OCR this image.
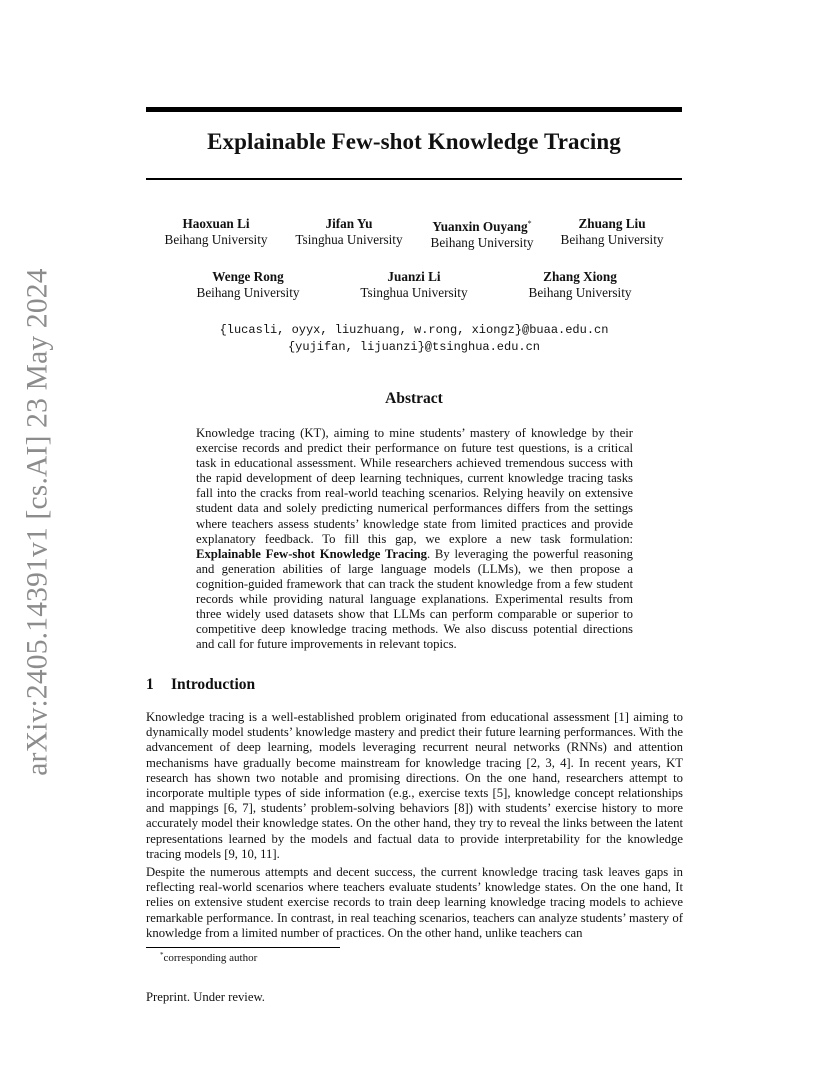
arXiv:2405.14391v1 [cs.AI] 23 May 2024
Explainable Few-shot Knowledge Tracing
Haoxuan Li
Beihang University
Jifan Yu
Tsinghua University
Yuanxin Ouyang*
Beihang University
Zhuang Liu
Beihang University
Wenge Rong
Beihang University
Juanzi Li
Tsinghua University
Zhang Xiong
Beihang University
{lucasli, oyyx, liuzhuang, w.rong, xiongz}@buaa.edu.cn
{yujifan, lijuanzi}@tsinghua.edu.cn
Abstract
Knowledge tracing (KT), aiming to mine students’ mastery of knowledge by their exercise records and predict their performance on future test questions, is a critical task in educational assessment. While researchers achieved tremendous success with the rapid development of deep learning techniques, current knowledge tracing tasks fall into the cracks from real-world teaching scenarios. Relying heavily on extensive student data and solely predicting numerical performances differs from the settings where teachers assess students’ knowledge state from limited practices and provide explanatory feedback. To fill this gap, we explore a new task formulation: Explainable Few-shot Knowledge Tracing. By leveraging the powerful reasoning and generation abilities of large language models (LLMs), we then propose a cognition-guided framework that can track the student knowledge from a few student records while providing natural language explanations. Experimental results from three widely used datasets show that LLMs can perform comparable or superior to competitive deep knowledge tracing methods. We also discuss potential directions and call for future improvements in relevant topics.
1 Introduction
Knowledge tracing is a well-established problem originated from educational assessment [1] aiming to dynamically model students’ knowledge mastery and predict their future learning performances. With the advancement of deep learning, models leveraging recurrent neural networks (RNNs) and attention mechanisms have gradually become mainstream for knowledge tracing [2, 3, 4]. In recent years, KT research has shown two notable and promising directions. On the one hand, researchers attempt to incorporate multiple types of side information (e.g., exercise texts [5], knowledge concept relationships and mappings [6, 7], students’ problem-solving behaviors [8]) with students’ exercise history to more accurately model their knowledge states. On the other hand, they try to reveal the links between the latent representations learned by the models and factual data to provide interpretability for the knowledge tracing models [9, 10, 11].
Despite the numerous attempts and decent success, the current knowledge tracing task leaves gaps in reflecting real-world scenarios where teachers evaluate students’ knowledge states. On the one hand, It relies on extensive student exercise records to train deep learning knowledge tracing models to achieve remarkable performance. In contrast, in real teaching scenarios, teachers can analyze students’ mastery of knowledge from a limited number of practices. On the other hand, unlike teachers can
*corresponding author
Preprint. Under review.
